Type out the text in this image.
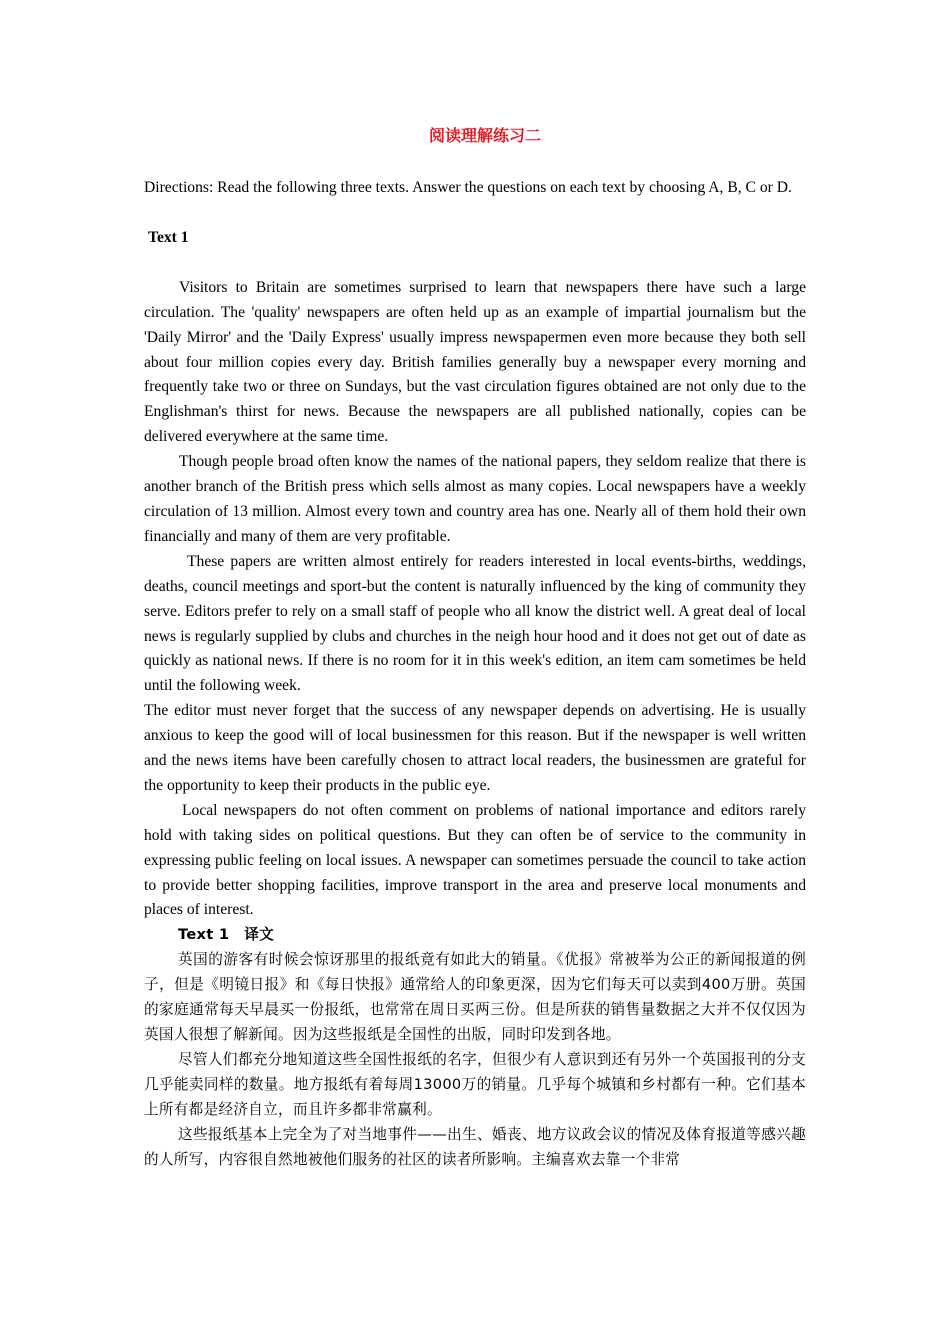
阅读理解练习二

Directions: Read the following three texts. Answer the questions on each text by choosing A, B, C or D.

Text 1

Visitors to Britain are sometimes surprised to learn that newspapers there have such a large circulation. The 'quality' newspapers are often held up as an example of impartial journalism but the 'Daily Mirror' and the 'Daily Express' usually impress newspapermen even more because they both sell about four million copies every day. British families generally buy a newspaper every morning and frequently take two or three on Sundays, but the vast circulation figures obtained are not only due to the Englishman's thirst for news. Because the newspapers are all published nationally, copies can be delivered everywhere at the same time.

Though people broad often know the names of the national papers, they seldom realize that there is another branch of the British press which sells almost as many copies. Local newspapers have a weekly circulation of 13 million. Almost every town and country area has one. Nearly all of them hold their own financially and many of them are very profitable.

These papers are written almost entirely for readers interested in local events-births, weddings, deaths, council meetings and sport-but the content is naturally influenced by the king of community they serve. Editors prefer to rely on a small staff of people who all know the district well. A great deal of local news is regularly supplied by clubs and churches in the neigh hour hood and it does not get out of date as quickly as national news. If there is no room for it in this week's edition, an item cam sometimes be held until the following week.

The editor must never forget that the success of any newspaper depends on advertising. He is usually anxious to keep the good will of local businessmen for this reason. But if the newspaper is well written and the news items have been carefully chosen to attract local readers, the businessmen are grateful for the opportunity to keep their products in the public eye.

Local newspapers do not often comment on problems of national importance and editors rarely hold with taking sides on political questions. But they can often be of service to the community in expressing public feeling on local issues. A newspaper can sometimes persuade the council to take action to provide better shopping facilities, improve transport in the area and preserve local monuments and places of interest.

Text 1　译文

英国的游客有时候会惊讶那里的报纸竟有如此大的销量。《优报》常被举为公正的新闻报道的例子，但是《明镜日报》和《每日快报》通常给人的印象更深，因为它们每天可以卖到400万册。英国的家庭通常每天早晨买一份报纸，也常常在周日买两三份。但是所获的销售量数据之大并不仅仅因为英国人很想了解新闻。因为这些报纸是全国性的出版，同时印发到各地。

尽管人们都充分地知道这些全国性报纸的名字，但很少有人意识到还有另外一个英国报刊的分支几乎能卖同样的数量。地方报纸有着每周13000万的销量。几乎每个城镇和乡村都有一种。它们基本上所有都是经济自立，而且许多都非常赢利。

这些报纸基本上完全为了对当地事件——出生、婚丧、地方议政会议的情况及体育报道等感兴趣的人所写，内容很自然地被他们服务的社区的读者所影响。主编喜欢去靠一个非常
